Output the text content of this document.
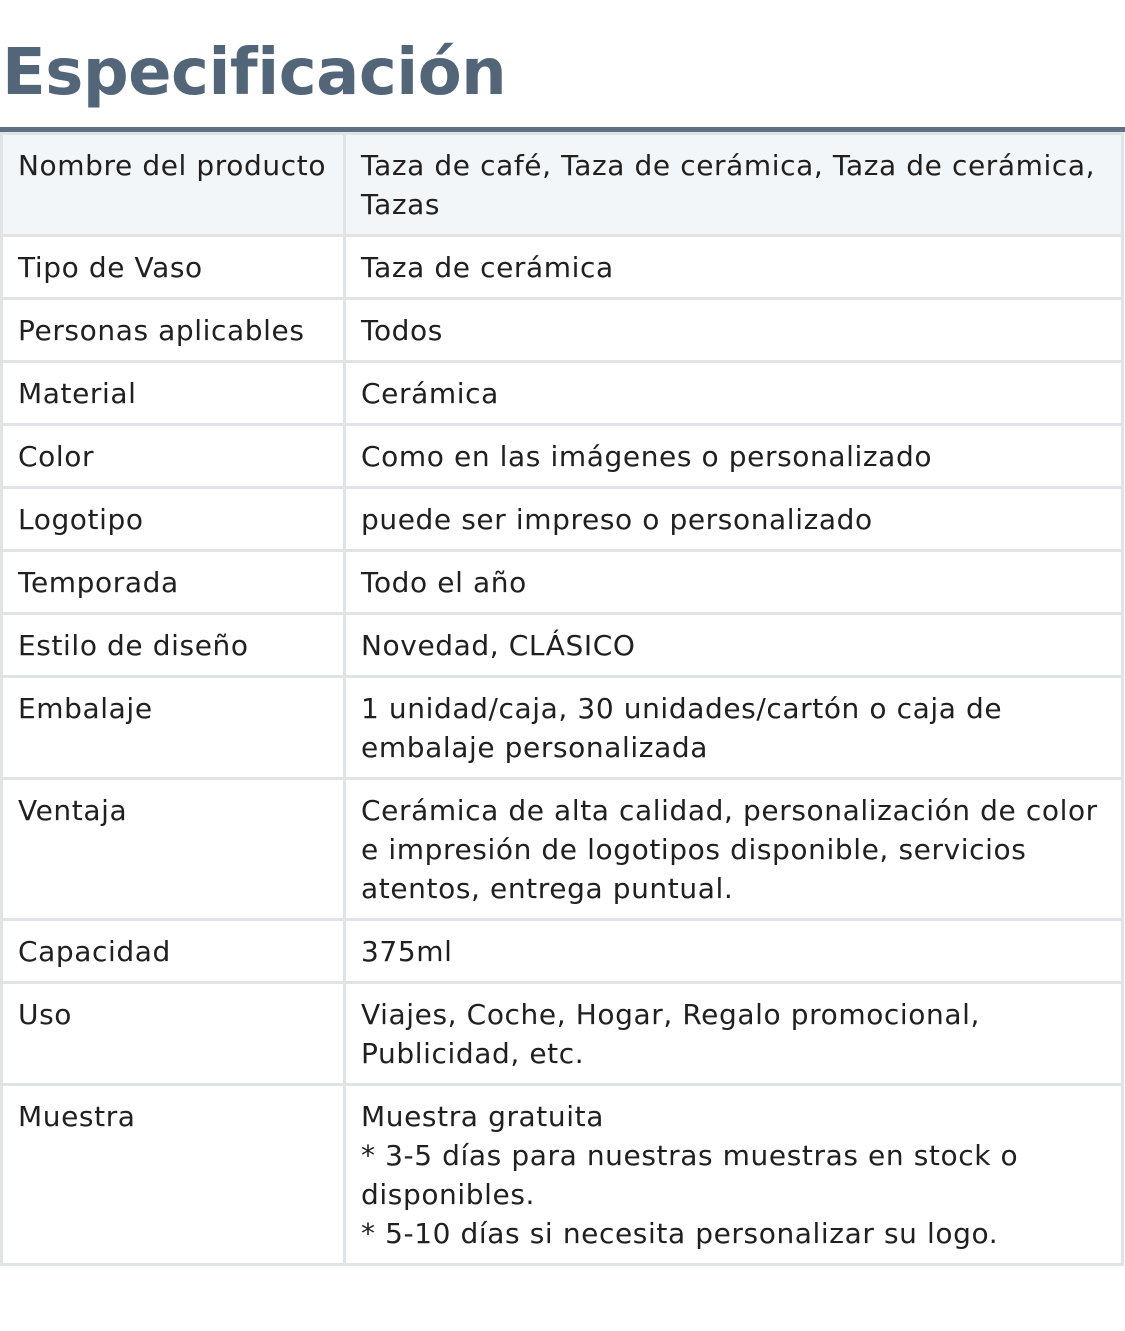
Especificación
Nombre del producto	Taza de café, Taza de cerámica, Taza de cerámica, Tazas

Tipo de Vaso	Taza de cerámica

Personas aplicables	Todos

Material	Cerámica

Color	Como en las imágenes o personalizado

Logotipo	puede ser impreso o personalizado

Temporada	Todo el año

Estilo de diseño	Novedad, CLÁSICO

Embalaje	1 unidad/caja, 30 unidades/cartón o caja de embalaje personalizada

Ventaja	Cerámica de alta calidad, personalización de color e impresión de logotipos disponible, servicios atentos, entrega puntual.

Capacidad	375ml

Uso	Viajes, Coche, Hogar, Regalo promocional, Publicidad, etc.

Muestra	Muestra gratuita
* 3-5 días para nuestras muestras en stock o disponibles.
* 5-10 días si necesita personalizar su logo.
